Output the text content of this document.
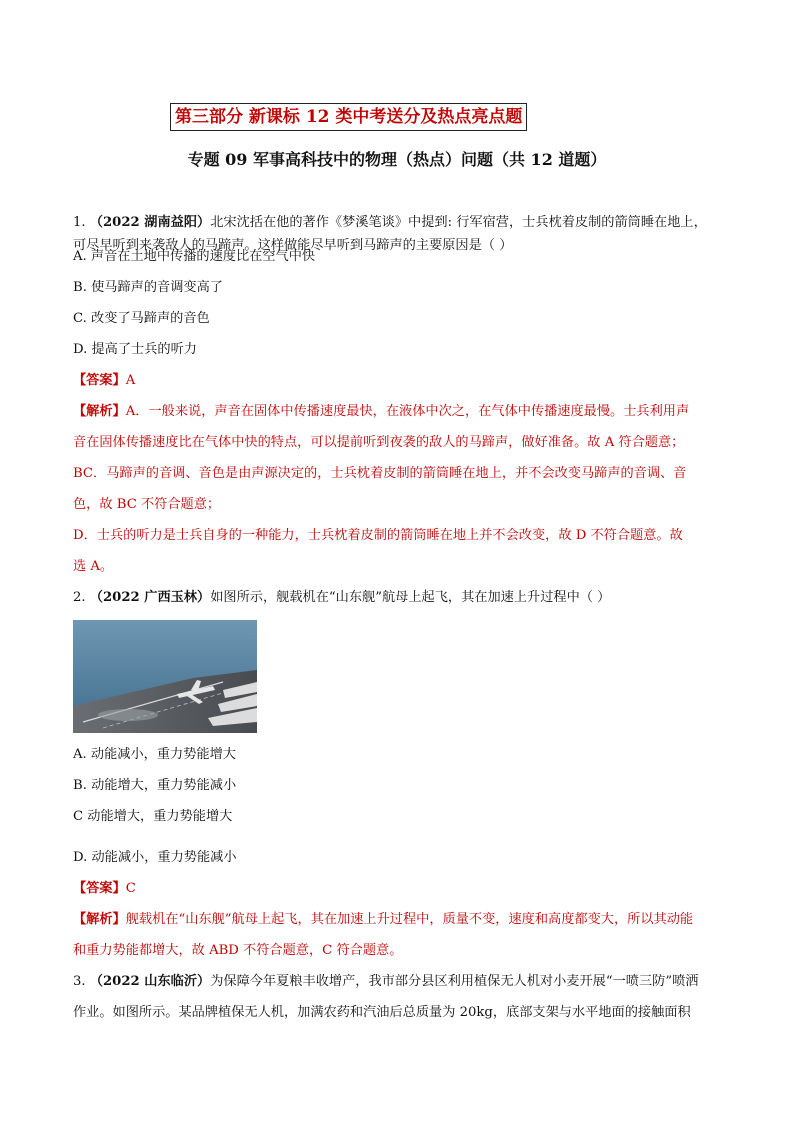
第三部分 新课标 12 类中考送分及热点亮点题
专题 09 军事高科技中的物理（热点）问题（共 12 道题）
1. （2022 湖南益阳）北宋沈括在他的著作《梦溪笔谈》中提到: 行军宿营，士兵枕着皮制的箭筒睡在地上，
可尽早听到来袭敌人的马蹄声。这样做能尽早听到马蹄声的主要原因是（ ）
A. 声音在土地中传播的速度比在空气中快
B. 使马蹄声的音调变高了
C. 改变了马蹄声的音色
D. 提高了士兵的听力
【答案】A
【解析】A．一般来说，声音在固体中传播速度最快，在液体中次之，在气体中传播速度最慢。士兵利用声
音在固体传播速度比在气体中快的特点，可以提前听到夜袭的敌人的马蹄声，做好准备。故 A 符合题意；
BC．马蹄声的音调、音色是由声源决定的，士兵枕着皮制的箭筒睡在地上，并不会改变马蹄声的音调、音
色，故 BC 不符合题意；
D．士兵的听力是士兵自身的一种能力，士兵枕着皮制的箭筒睡在地上并不会改变，故 D 不符合题意。故
选 A。
2. （2022 广西玉林）如图所示，舰载机在“山东舰”航母上起飞，其在加速上升过程中（ ）
A. 动能减小，重力势能增大
B. 动能增大，重力势能减小
C 动能增大，重力势能增大
D. 动能减小，重力势能减小
【答案】C
【解析】舰载机在“山东舰”航母上起飞，其在加速上升过程中，质量不变，速度和高度都变大，所以其动能
和重力势能都增大，故 ABD 不符合题意，C 符合题意。
3. （2022 山东临沂）为保障今年夏粮丰收增产，我市部分县区利用植保无人机对小麦开展“一喷三防”喷洒
作业。如图所示。某品牌植保无人机，加满农药和汽油后总质量为 20kg，底部支架与水平地面的接触面积
